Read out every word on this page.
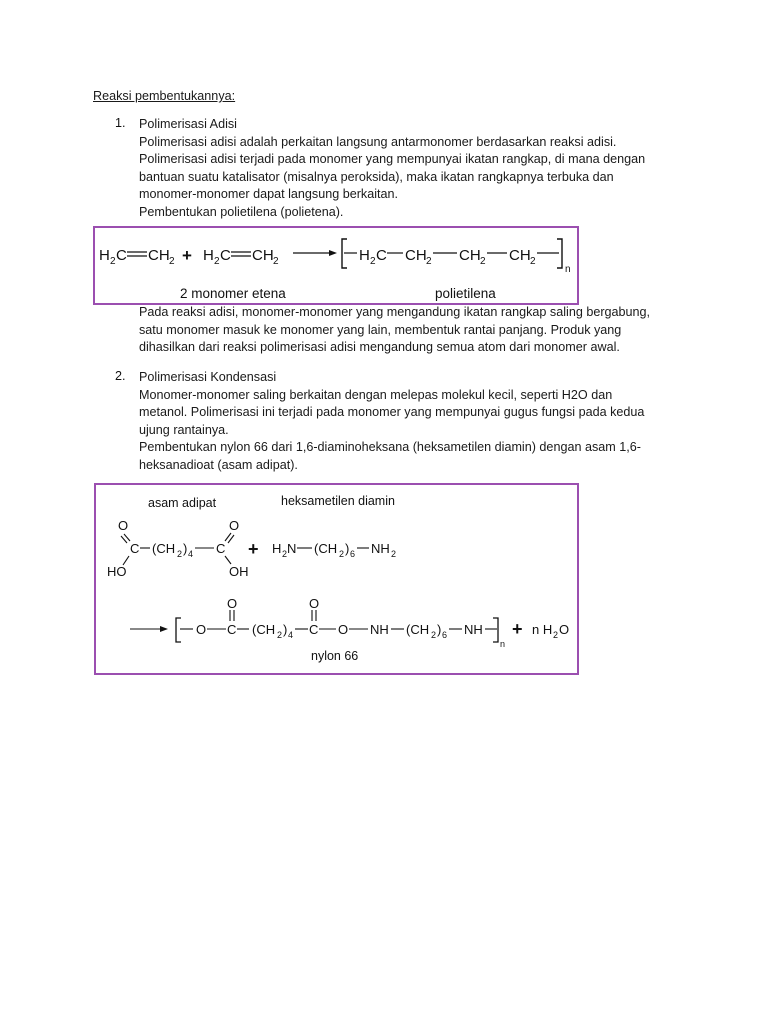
Reaksi pembentukannya:
1. Polimerisasi Adisi
Polimerisasi adisi adalah perkaitan langsung antarmonomer berdasarkan reaksi adisi.
Polimerisasi adisi terjadi pada monomer yang mempunyai ikatan rangkap, di mana dengan
bantuan suatu katalisator (misalnya peroksida), maka ikatan rangkapnya terbuka dan
monomer-monomer dapat langsung berkaitan.
Pembentukan polietilena (polietena).
H 2 C CH 2 + H 2 C CH 2	H 2 C CH 2 CH 2 CH 2
n
2 monomer etena	polietilena
Pada reaksi adisi, monomer-monomer yang mengandung ikatan rangkap saling bergabung,
satu monomer masuk ke monomer yang lain, membentuk rantai panjang. Produk yang
dihasilkan dari reaksi polimerisasi adisi mengandung semua atom dari monomer awal.
2. Polimerisasi Kondensasi
Monomer-monomer saling berkaitan dengan melepas molekul kecil, seperti H2O dan
metanol. Polimerisasi ini terjadi pada monomer yang mempunyai gugus fungsi pada kedua
ujung rantainya.
Pembentukan nylon 66 dari 1,6-diaminoheksana (heksametilen diamin) dengan asam 1,6-
heksanadioat (asam adipat).
asam adipat	heksametilen diamin
nylon 66
O
C (CH 2 ) 4 C
O
HO	OH
+ H 2 N (CH 2 ) 6 NH 2
O C
O
(CH 2 ) 4 C
O
O NH (CH 2 ) 6 NH
n
+ n H 2 O
